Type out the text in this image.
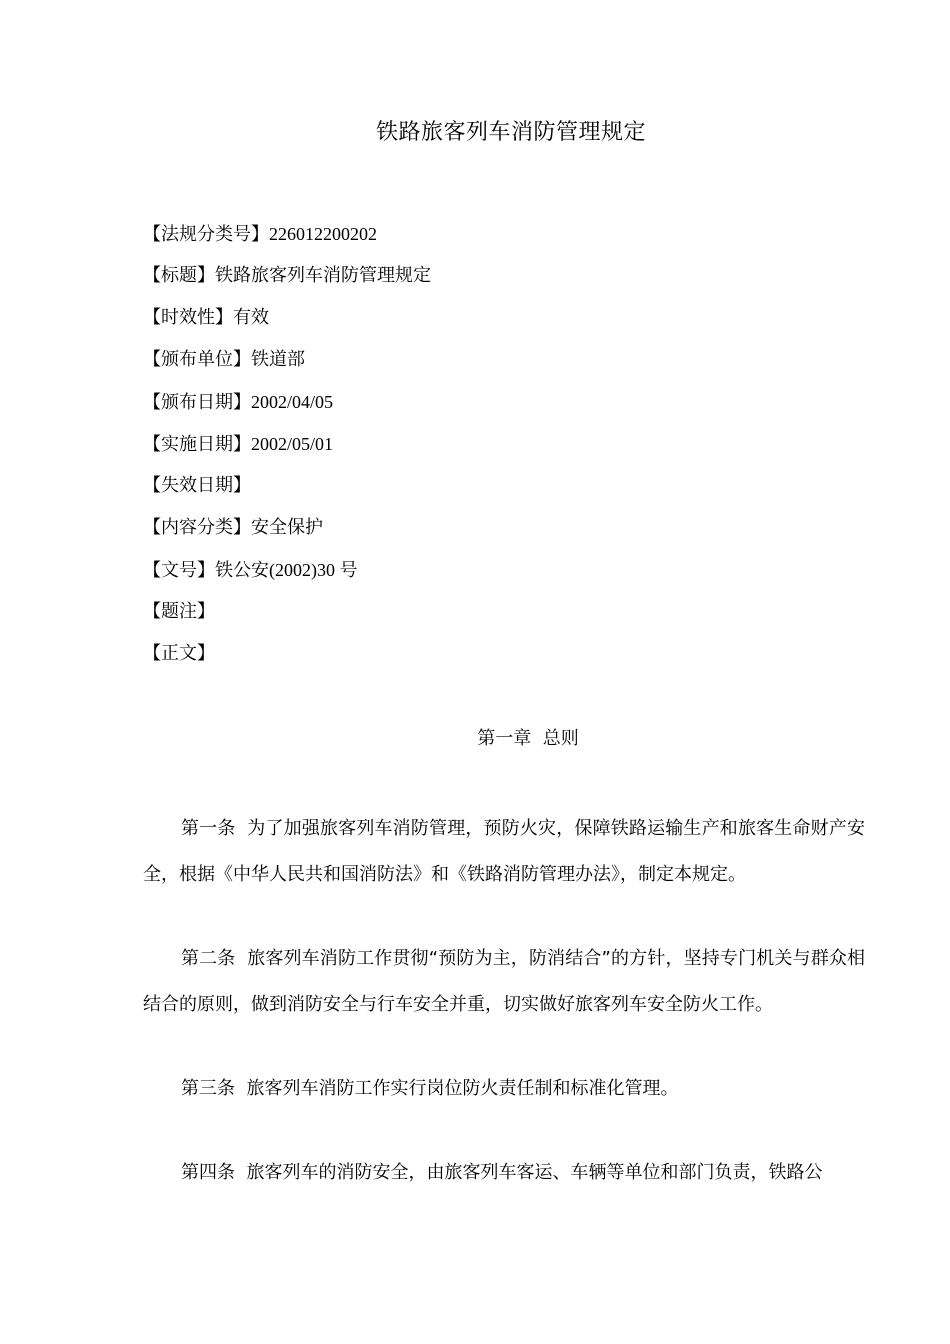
铁路旅客列车消防管理规定
【法规分类号】226012200202
【标题】铁路旅客列车消防管理规定
【时效性】有效
【颁布单位】铁道部
【颁布日期】2002/04/05
【实施日期】2002/05/01
【失效日期】
【内容分类】安全保护
【文号】铁公安(2002)30 号
【题注】
【正文】
第一章  总则

第一条  为了加强旅客列车消防管理，预防火灾，保障铁路运输生产和旅客生命财产安全，根据《中华人民共和国消防法》和《铁路消防管理办法》，制定本规定。

第二条  旅客列车消防工作贯彻“预防为主，防消结合”的方针，坚持专门机关与群众相结合的原则，做到消防安全与行车安全并重，切实做好旅客列车安全防火工作。

第三条  旅客列车消防工作实行岗位防火责任制和标准化管理。

第四条  旅客列车的消防安全，由旅客列车客运、车辆等单位和部门负责，铁路公
